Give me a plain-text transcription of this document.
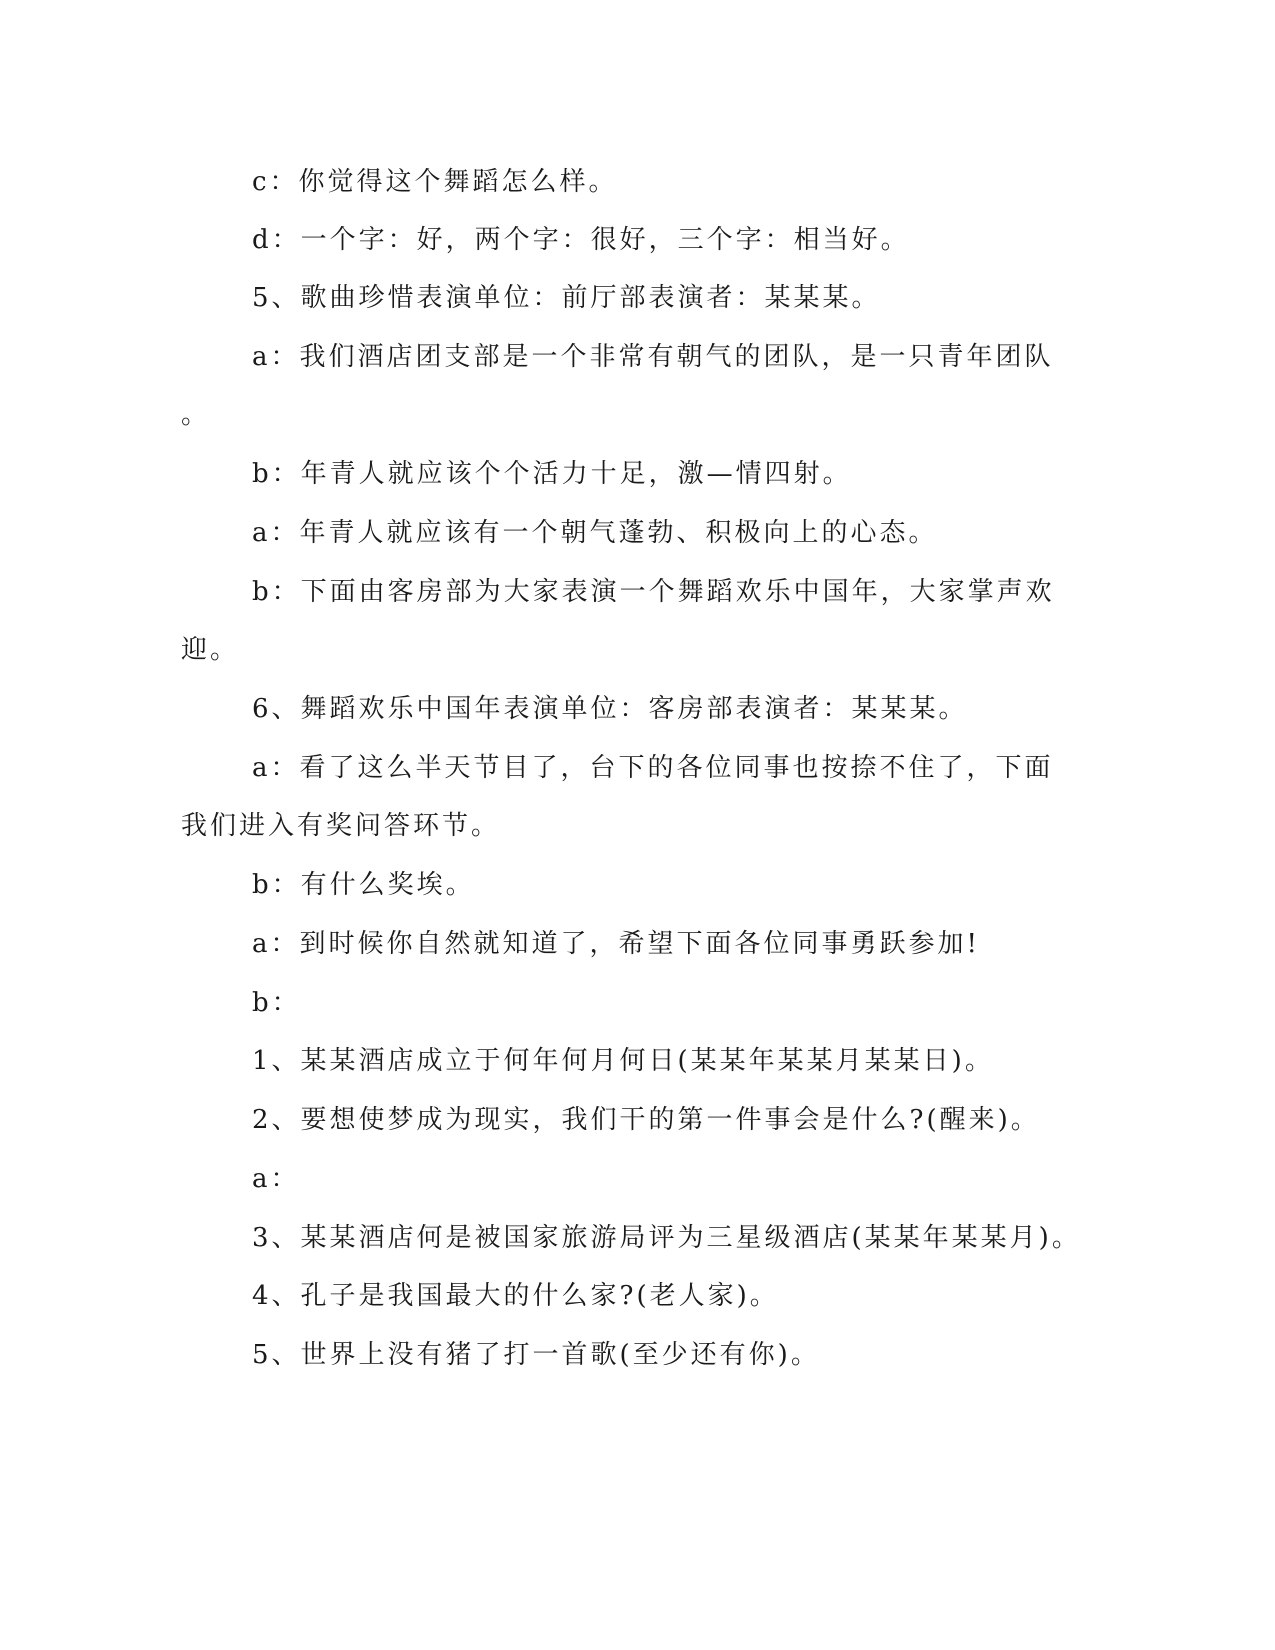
c：你觉得这个舞蹈怎么样。
d：一个字：好，两个字：很好，三个字：相当好。
5、歌曲珍惜表演单位：前厅部表演者：某某某。
a：我们酒店团支部是一个非常有朝气的团队，是一只青年团队
。
b：年青人就应该个个活力十足，激—情四射。
a：年青人就应该有一个朝气蓬勃、积极向上的心态。
b：下面由客房部为大家表演一个舞蹈欢乐中国年，大家掌声欢
迎。
6、舞蹈欢乐中国年表演单位：客房部表演者：某某某。
a：看了这么半天节目了，台下的各位同事也按捺不住了，下面
我们进入有奖问答环节。
b：有什么奖埃。
a：到时候你自然就知道了，希望下面各位同事勇跃参加!
b：
1、某某酒店成立于何年何月何日(某某年某某月某某日)。
2、要想使梦成为现实，我们干的第一件事会是什么?(醒来)。
a：
3、某某酒店何是被国家旅游局评为三星级酒店(某某年某某月)。
4、孔子是我国最大的什么家?(老人家)。
5、世界上没有猪了打一首歌(至少还有你)。
